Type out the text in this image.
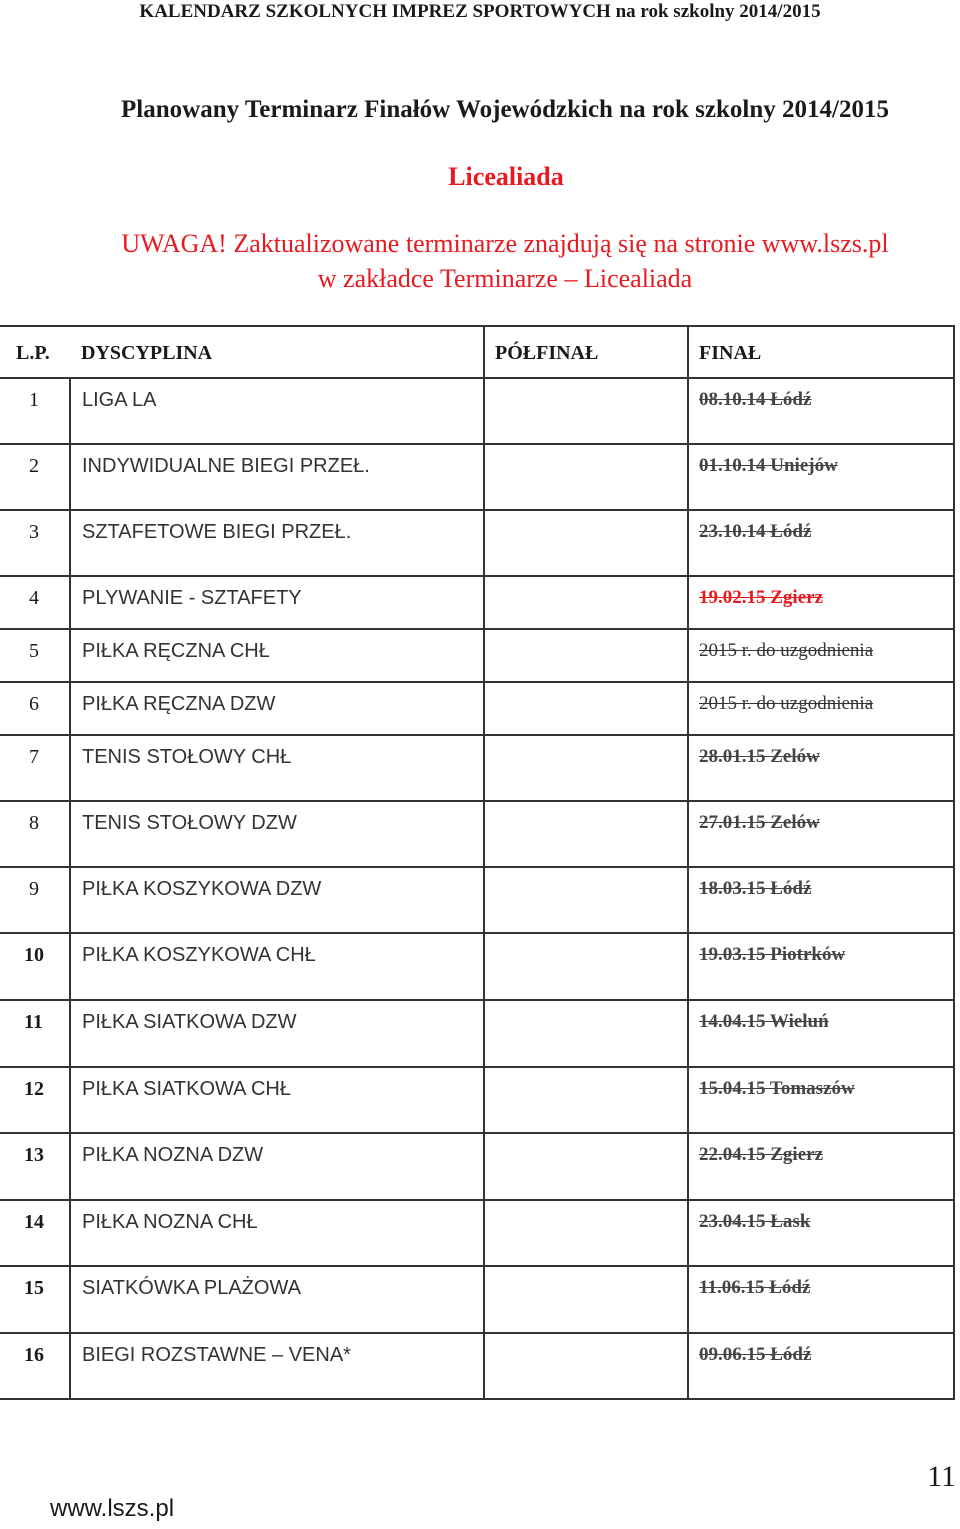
KALENDARZ SZKOLNYCH IMPREZ SPORTOWYCH na rok szkolny 2014/2015
Planowany Terminarz Finałów Wojewódzkich na rok szkolny 2014/2015
Licealiada
UWAGA! Zaktualizowane terminarze znajdują się na stronie www.lszs.pl
w zakładce Terminarze – Licealiada
L.P.	DYSCYPLINA	PÓŁFINAŁ	FINAŁ
1	LIGA LA		08.10.14 Łódź
2	INDYWIDUALNE BIEGI PRZEŁ.		01.10.14 Uniejów
3	SZTAFETOWE BIEGI PRZEŁ.		23.10.14 Łódź
4	PLYWANIE - SZTAFETY		19.02.15 Zgierz
5	PIŁKA RĘCZNA CHŁ		2015 r. do uzgodnienia
6	PIŁKA RĘCZNA DZW		2015 r. do uzgodnienia
7	TENIS STOŁOWY CHŁ		28.01.15 Zelów
8	TENIS STOŁOWY DZW		27.01.15 Zelów
9	PIŁKA KOSZYKOWA DZW		18.03.15 Łódź
10	PIŁKA KOSZYKOWA CHŁ		19.03.15 Piotrków
11	PIŁKA SIATKOWA DZW		14.04.15 Wieluń
12	PIŁKA SIATKOWA CHŁ		15.04.15 Tomaszów
13	PIŁKA NOZNA DZW		22.04.15 Zgierz
14	PIŁKA NOZNA CHŁ		23.04.15 Łask
15	SIATKÓWKA PLAŻOWA		11.06.15 Łódź
16	BIEGI ROZSTAWNE – VENA*		09.06.15 Łódź
www.lszs.pl
11
